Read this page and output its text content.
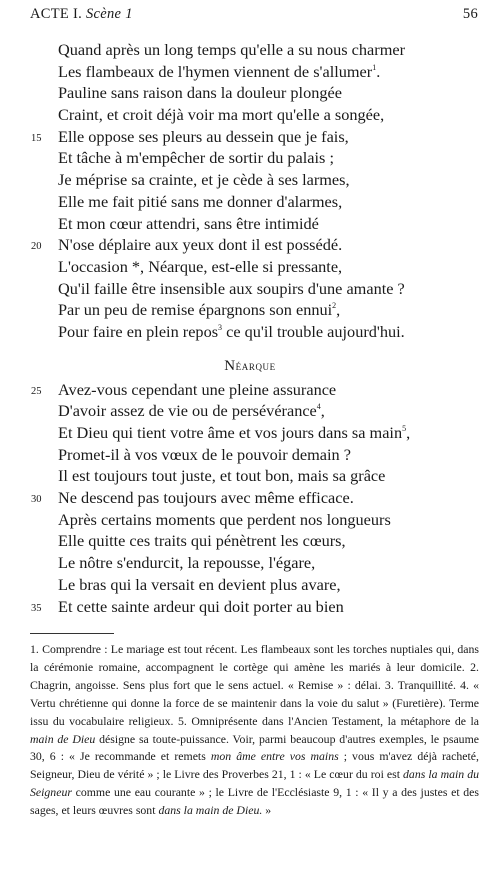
ACTE I. Scène 1	56
Quand après un long temps qu'elle a su nous charmer
Les flambeaux de l'hymen viennent de s'allumer$^1$.
Pauline sans raison dans la douleur plongée
Craint, et croit déjà voir ma mort qu'elle a songée,
15	Elle oppose ses pleurs au dessein que je fais,
Et tâche à m'empêcher de sortir du palais ;
Je méprise sa crainte, et je cède à ses larmes,
Elle me fait pitié sans me donner d'alarmes,
Et mon cœur attendri, sans être intimidé
20	N'ose déplaire aux yeux dont il est possédé.
L'occasion *, Néarque, est-elle si pressante,
Qu'il faille être insensible aux soupirs d'une amante ?
Par un peu de remise épargnons son ennui$^2$,
Pour faire en plein repos$^3$ ce qu'il trouble aujourd'hui.
Néarque
25	Avez-vous cependant une pleine assurance
D'avoir assez de vie ou de persévérance$^4$,
Et Dieu qui tient votre âme et vos jours dans sa main$^5$,
Promet-il à vos vœux de le pouvoir demain ?
Il est toujours tout juste, et tout bon, mais sa grâce
30	Ne descend pas toujours avec même efficace.
Après certains moments que perdent nos longueurs
Elle quitte ces traits qui pénètrent les cœurs,
Le nôtre s'endurcit, la repousse, l'égare,
Le bras qui la versait en devient plus avare,
35	Et cette sainte ardeur qui doit porter au bien

1. Comprendre : Le mariage est tout récent. Les flambeaux sont les torches nuptiales qui, dans la cérémonie romaine, accompagnent le cortège qui amène les mariés à leur domicile. 2. Chagrin, angoisse. Sens plus fort que le sens actuel. « Remise » : délai. 3. Tranquillité. 4. « Vertu chrétienne qui donne la force de se maintenir dans la voie du salut » (Furetière). Terme issu du vocabulaire religieux. 5. Omniprésente dans l'Ancien Testament, la métaphore de la main de Dieu désigne sa toute-puissance. Voir, parmi beaucoup d'autres exemples, le psaume 30, 6 : « Je recommande et remets mon âme entre vos mains ; vous m'avez déjà racheté, Seigneur, Dieu de vérité » ; le Livre des Proverbes 21, 1 : « Le cœur du roi est dans la main du Seigneur comme une eau courante » ; le Livre de l'Ecclésiaste 9, 1 : « Il y a des justes et des sages, et leurs œuvres sont dans la main de Dieu. »
